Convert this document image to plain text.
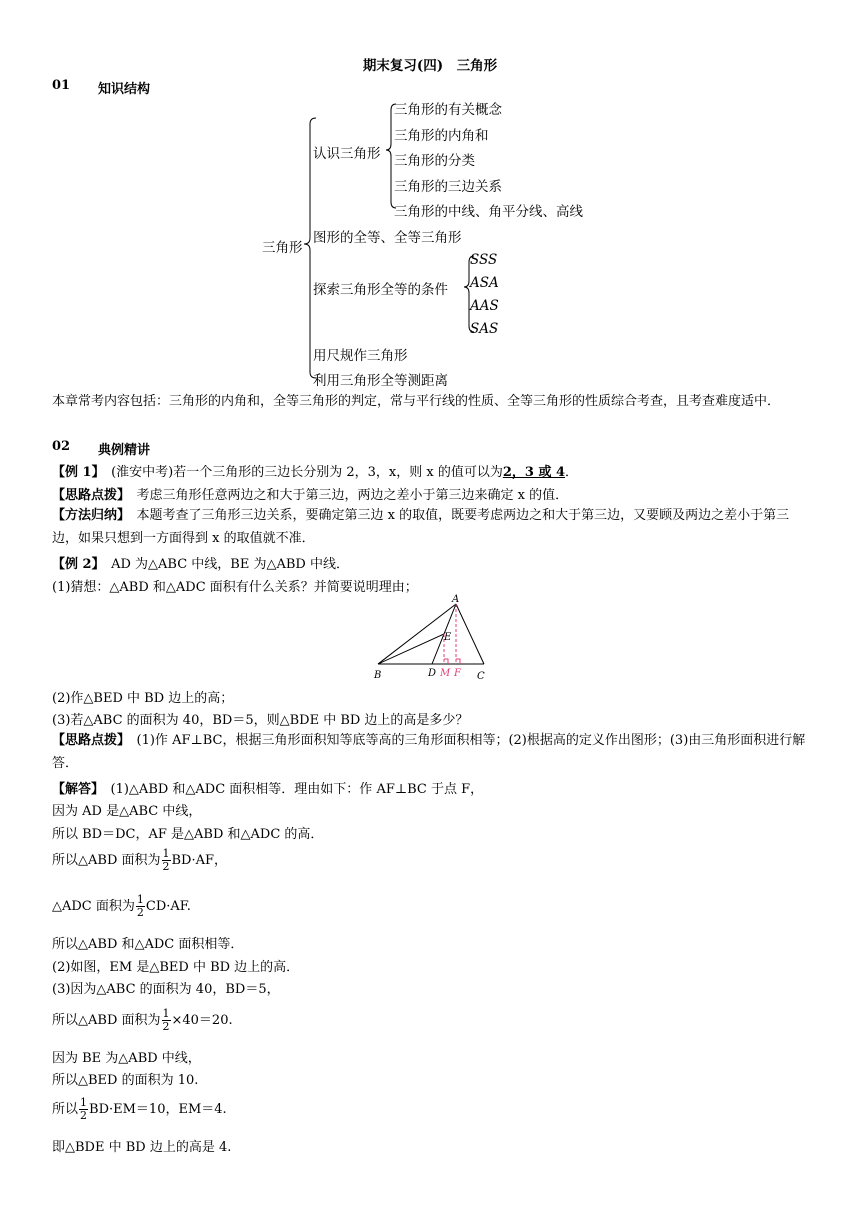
期末复习(四)　三角形
01 知识结构
三角形
认识三角形
三角形的有关概念
三角形的内角和
三角形的分类
三角形的三边关系
三角形的中线、角平分线、高线
图形的全等、全等三角形
探索三角形全等的条件
SSS
ASA
AAS
SAS
用尺规作三角形
利用三角形全等测距离
本章常考内容包括：三角形的内角和，全等三角形的判定，常与平行线的性质、全等三角形的性质综合考查，且考查难度适中．
02 典例精讲
【例 1】　(淮安中考)若一个三角形的三边长分别为 2，3，x，则 x 的值可以为2，3 或 4．
【思路点拨】　考虑三角形任意两边之和大于第三边，两边之差小于第三边来确定 x 的值．
【方法归纳】　本题考查了三角形三边关系，要确定第三边 x 的取值，既要考虑两边之和大于第三边，又要顾及两边之差小于第三边，如果只想到一方面得到 x 的取值就不准．
【例 2】　AD 为△ABC 中线，BE 为△ABD 中线．
(1)猜想：△ABD 和△ADC 面积有什么关系？并简要说明理由；
A
B	C
D
E
M F
(2)作△BED 中 BD 边上的高；
(3)若△ABC 的面积为 40，BD＝5，则△BDE 中 BD 边上的高是多少？
【思路点拨】　(1)作 AF⊥BC，根据三角形面积知等底等高的三角形面积相等；(2)根据高的定义作出图形；(3)由三角形面积进行解答．
【解答】　(1)△ABD 和△ADC 面积相等．理由如下：作 AF⊥BC 于点 F，
因为 AD 是△ABC 中线，
所以 BD＝DC，AF 是△ABD 和△ADC 的高．
所以△ABD 面积为 $\frac{1}{2} BD\cdot AF$，
△ADC 面积为 $\frac{1}{2} CD\cdot AF$.
所以△ABD 和△ADC 面积相等．
(2)如图，EM 是△BED 中 BD 边上的高．
(3)因为△ABC 的面积为 40，BD＝5，
所以△ABD 面积为 $\frac{1}{2} \times 40=20$.
因为 BE 为△ABD 中线，
所以△BED 的面积为 10.
所以 $\frac{1}{2} BD\cdot EM=10$，EM＝4.
即△BDE 中 BD 边上的高是 4.
